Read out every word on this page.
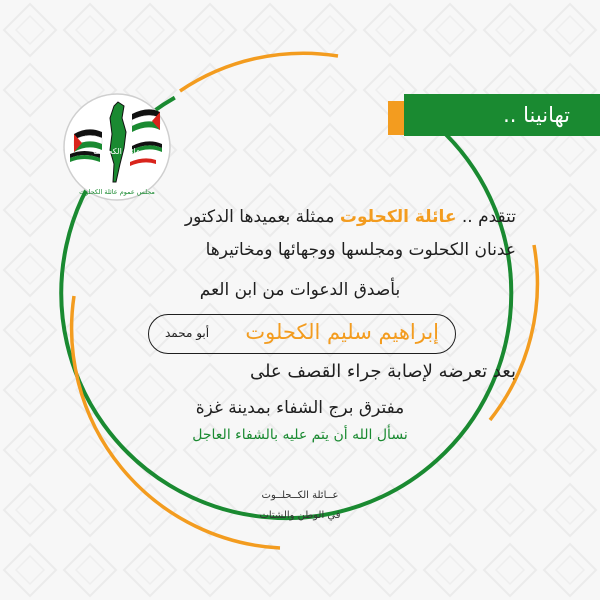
عائلة الكحلوت
مجلس عموم عائلة الكحلوت
تهانينا ..
تتقدم .. عائلة الكحلوت ممثلة بعميدها الدكتور
عدنان الكحلوت ومجلسها ووجهائها ومخاتيرها
بأصدق الدعوات من ابن العم
إبراهيم سليم الكحلوت
أبو محمد
بعد تعرضه لإصابة جراء القصف على
مفترق برج الشفاء بمدينة غزة
نسأل الله أن يتم عليه بالشفاء العاجل
عــائلة الكــحلــوت
في الوطن والشتات
